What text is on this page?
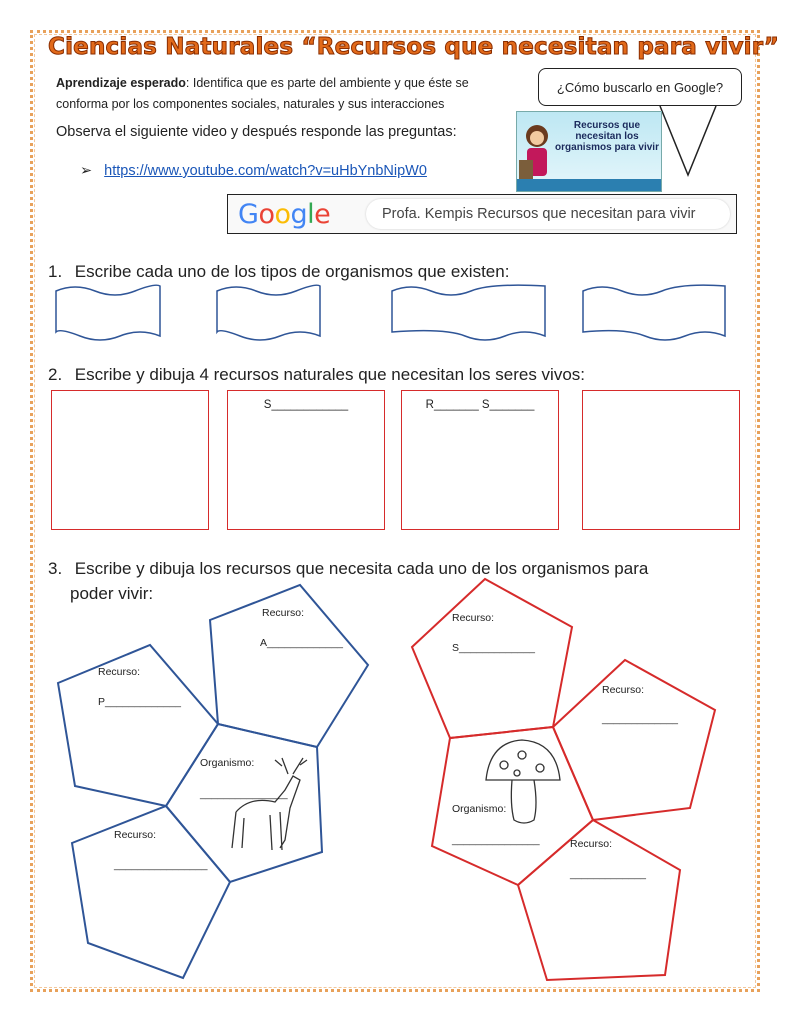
Ciencias Naturales “Recursos que necesitan para vivir”
Aprendizaje esperado: Identifica que es parte del ambiente y que éste se conforma por los componentes sociales, naturales y sus interacciones
Observa el siguiente video y después responde las preguntas:
➢ https://www.youtube.com/watch?v=uHbYnbNipW0
¿Cómo buscarlo en Google?
Recursos que necesitan los organismos para vivir
Google	Profa. Kempis Recursos que necesitan para vivir
1. Escribe cada uno de los tipos de organismos que existen:
2. Escribe y dibuja 4 recursos naturales que necesitan los seres vivos:
S____________	R_______ S_______
3. Escribe y dibuja los recursos que necesita cada uno de los organismos para
poder vivir:
Recurso:
A_____________
Recurso:
P_____________
Organismo:
_______________
Recurso:
________________
Recurso:
S_____________
Recurso:
_____________
Organismo:
_______________	Recurso:
_____________
